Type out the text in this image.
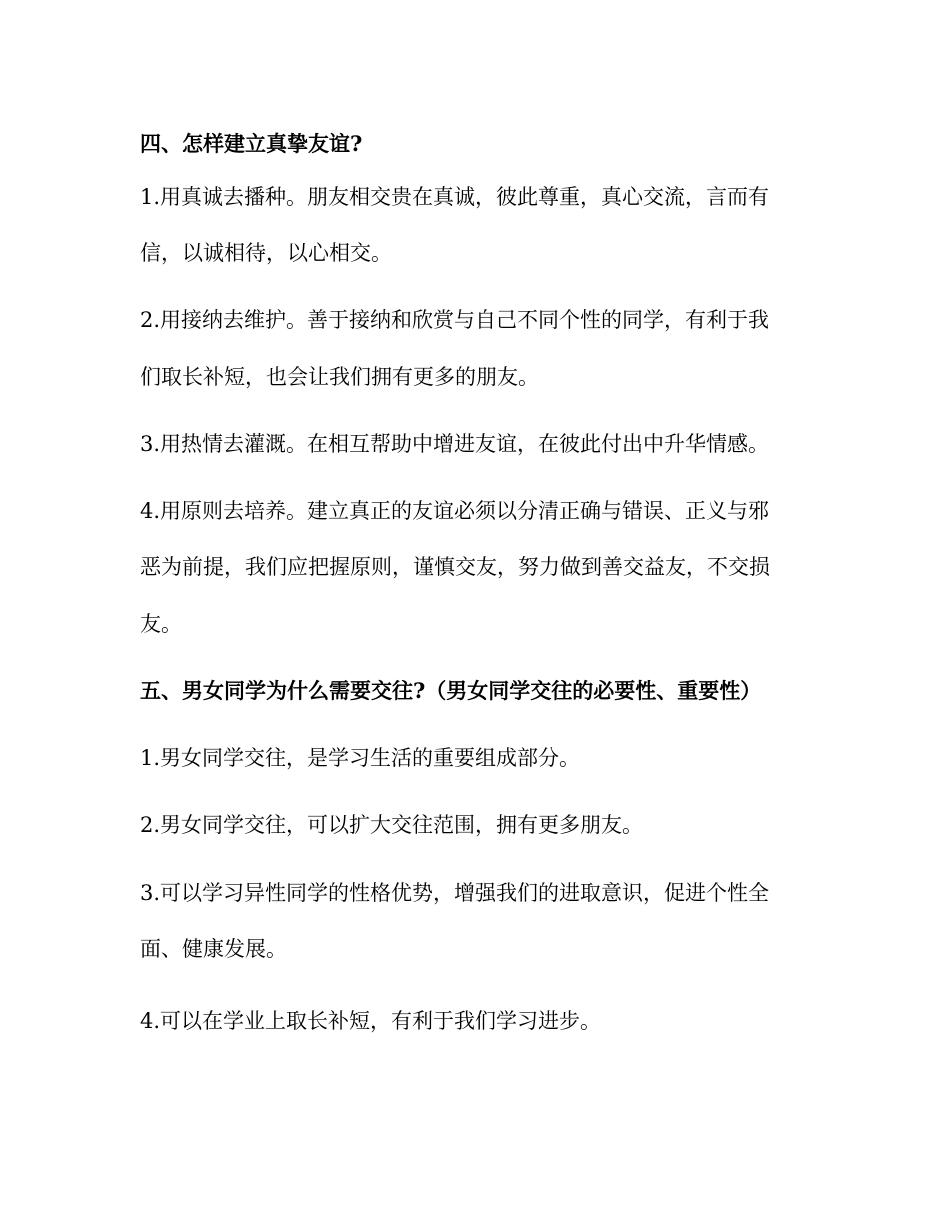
四、怎样建立真挚友谊?
1.用真诚去播种。朋友相交贵在真诚，彼此尊重，真心交流，言而有
信，以诚相待，以心相交。
2.用接纳去维护。善于接纳和欣赏与自己不同个性的同学，有利于我
们取长补短，也会让我们拥有更多的朋友。
3.用热情去灌溉。在相互帮助中增进友谊，在彼此付出中升华情感。
4.用原则去培养。建立真正的友谊必须以分清正确与错误、正义与邪
恶为前提，我们应把握原则，谨慎交友，努力做到善交益友，不交损
友。
五、男女同学为什么需要交往?（男女同学交往的必要性、重要性）
1.男女同学交往，是学习生活的重要组成部分。
2.男女同学交往，可以扩大交往范围，拥有更多朋友。
3.可以学习异性同学的性格优势，增强我们的进取意识，促进个性全
面、健康发展。
4.可以在学业上取长补短，有利于我们学习进步。
